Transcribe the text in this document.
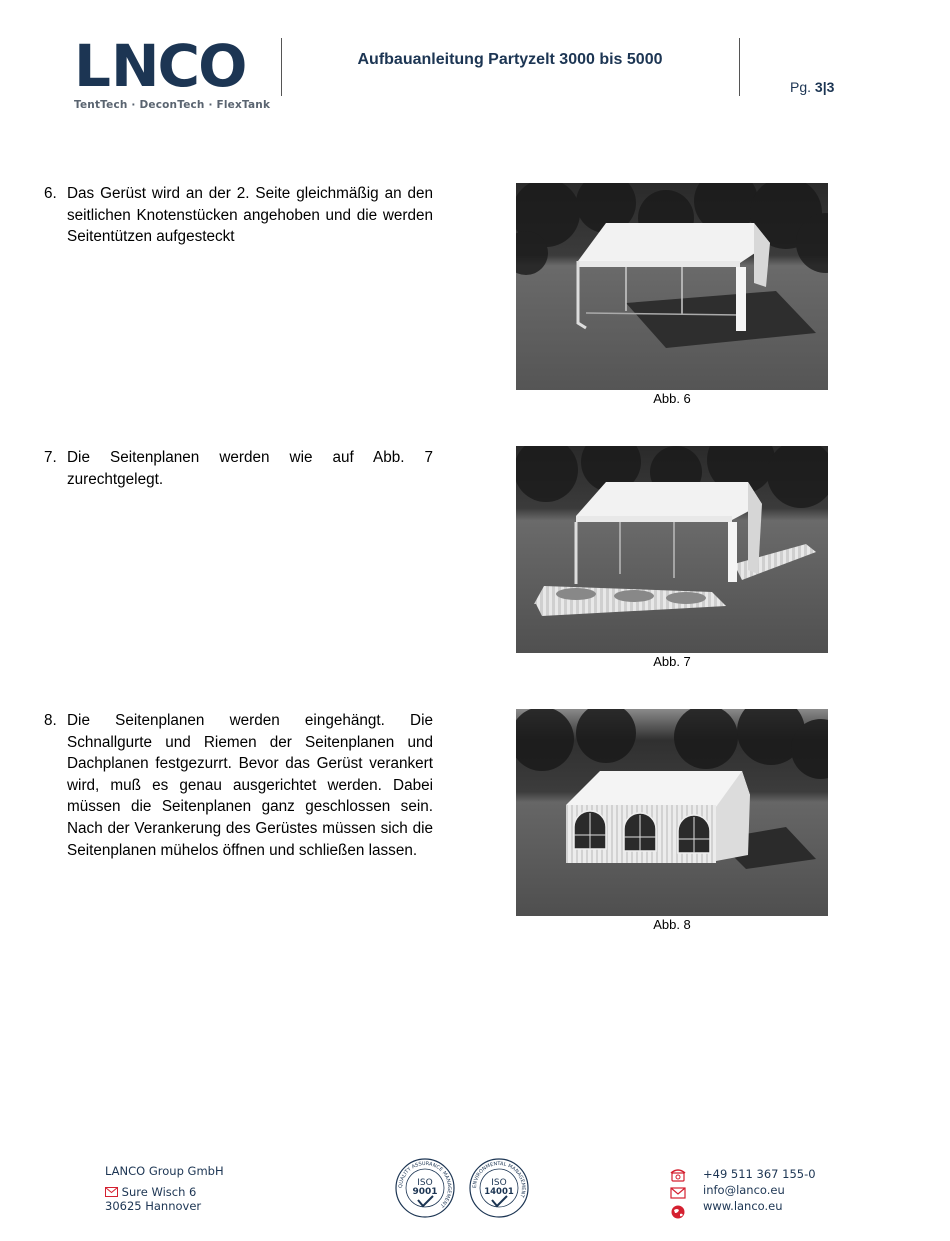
L NCO
TentTech · DeconTech · FlexTank
Aufbauanleitung Partyzelt 3000 bis 5000
Pg. 3|3
6. Das Gerüst wird an der 2. Seite gleichmäßig an den seitlichen Knotenstücken angehoben und die werden Seitentützen aufgesteckt
Abb. 6
7. Die Seitenplanen werden wie auf Abb. 7 zurechtgelegt.
Abb. 7
8. Die Seitenplanen werden eingehängt. Die Schnallgurte und Riemen der Seitenplanen und Dachplanen festgezurrt. Bevor das Gerüst verankert wird, muß es genau ausgerichtet werden. Dabei müssen die Seitenplanen ganz geschlossen sein. Nach der Verankerung des Gerüstes müssen sich die Seitenplanen mühelos öffnen und schließen lassen.
Abb. 8
LANCO Group GmbH
Sure Wisch 6
30625 Hannover
QUALITY ASSURANCE MANAGEMENT
ISO
9001
ENVIRONMENTAL MANAGEMENT
ISO
14001
+49 511 367 155-0
info@lanco.eu
www.lanco.eu
